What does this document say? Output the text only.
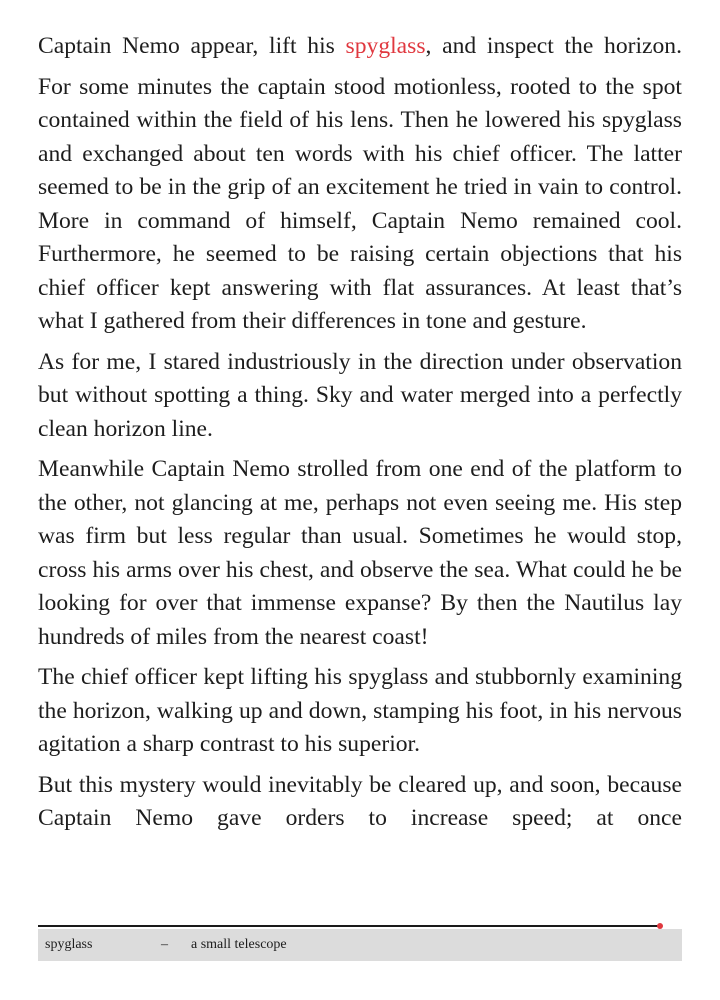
Captain Nemo appear, lift his spyglass, and inspect the horizon.

For some minutes the captain stood motionless, rooted to the spot contained within the field of his lens. Then he lowered his spyglass and exchanged about ten words with his chief officer. The latter seemed to be in the grip of an excitement he tried in vain to control. More in command of himself, Captain Nemo remained cool. Furthermore, he seemed to be raising certain objections that his chief officer kept answering with flat assurances. At least that’s what I gathered from their differences in tone and gesture.

As for me, I stared industriously in the direction under observation but without spotting a thing. Sky and water merged into a perfectly clean horizon line.

Meanwhile Captain Nemo strolled from one end of the platform to the other, not glancing at me, perhaps not even seeing me. His step was firm but less regular than usual. Sometimes he would stop, cross his arms over his chest, and observe the sea. What could he be looking for over that immense expanse? By then the Nautilus lay hundreds of miles from the nearest coast!

The chief officer kept lifting his spyglass and stubbornly examining the horizon, walking up and down, stamping his foot, in his nervous agitation a sharp contrast to his superior.

But this mystery would inevitably be cleared up, and soon, because Captain Nemo gave orders to increase speed; at once

spyglass	– a small telescope
